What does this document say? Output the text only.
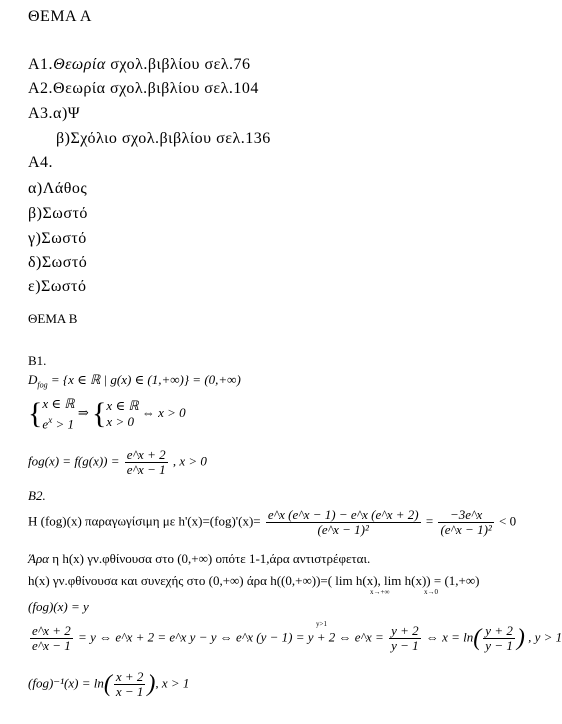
ΘΕΜΑ Α
Α1.Θεωρία σχολ.βιβλίου σελ.76
Α2.Θεωρία σχολ.βιβλίου σελ.104
Α3.α)Ψ
β)Σχόλιο σχολ.βιβλίου σελ.136
Α4.
α)Λάθος
β)Σωστό
γ)Σωστό
δ)Σωστό
ε)Σωστό
ΘΕΜΑ Β
Β1.
$D_{fog} = \{x$ ∈ ℝ | g(x) ∈ (1,+∞)} = (0,+∞)
{ x ∈ ℝ
$e^x > 1$
⇒ { x ∈ ℝ
x > 0
⇔ x > 0
$fog(x) = f(g(x)) = \frac{e\^{}x + 2}{e\^{}x - 1}$ , x > 0
Β2.
Η (fog)(x) παραγωγίσιμη με $h'(x)=(fog)'(x)= \frac{e\^{}x (e\^{}x - 1) - e\^{}x (e\^{}x + 2)}{\text{(e\textasciicircum{}x − 1)²}} = \frac{-3e\^{}x}{\text{(e\textasciicircum{}x − 1)²}} < 0$
Άρα η h(x) γν.φθίνουσα στο (0,+∞) οπότε 1-1,άρα αντιστρέφεται.
h(x) γν.φθίνουσα και συνεχής στο (0,+∞) άρα h((0,+∞))=( lim h(x), lim h(x)) = (1,+∞)
x→+∞	x→0
(fog)(x) = y
$\frac{e\^{}x + 2}{e\^{}x - 1} = y$ ⇔ e^x + 2 = e^x y − y ⇔ e^x (y − 1) = y + 2 ⇔ e^x = $\frac{y + 2}{y - 1}$ ⇔ $x = \ln( \frac{y + 2}{y - 1}$ ) , y > 1
y>1
$(fog)^{-1}(x) = \ln( \frac{x + 2}{x - 1}$ ), x > 1
